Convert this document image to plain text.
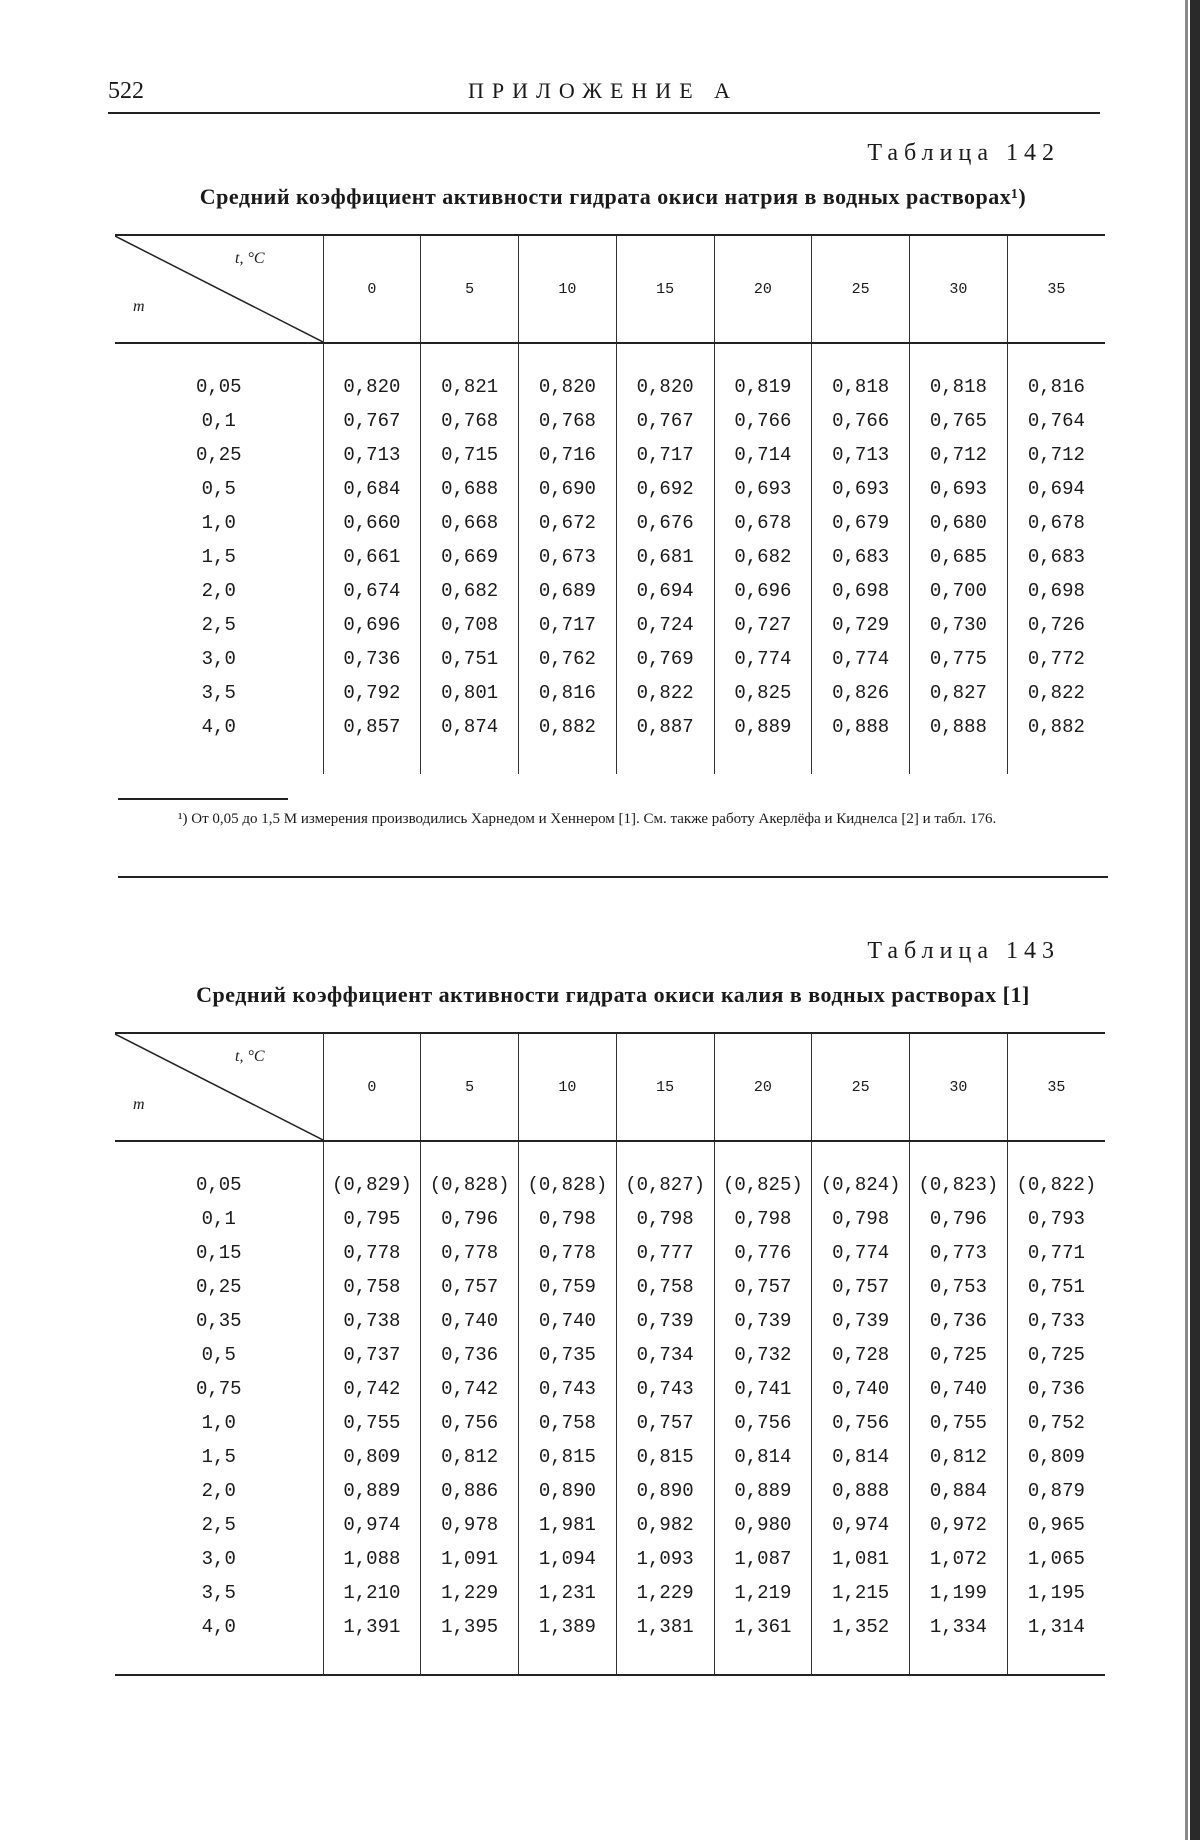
522	ПРИЛОЖЕНИЕ А
Таблица 142
Средний коэффициент активности гидрата окиси натрия в водных растворах¹)
t, °C
m	0	5	10	15	20	25	30	35

0,05	0,820	0,821	0,820	0,820	0,819	0,818	0,818	0,816
0,1	0,767	0,768	0,768	0,767	0,766	0,766	0,765	0,764
0,25	0,713	0,715	0,716	0,717	0,714	0,713	0,712	0,712
0,5	0,684	0,688	0,690	0,692	0,693	0,693	0,693	0,694
1,0	0,660	0,668	0,672	0,676	0,678	0,679	0,680	0,678
1,5	0,661	0,669	0,673	0,681	0,682	0,683	0,685	0,683
2,0	0,674	0,682	0,689	0,694	0,696	0,698	0,700	0,698
2,5	0,696	0,708	0,717	0,724	0,727	0,729	0,730	0,726
3,0	0,736	0,751	0,762	0,769	0,774	0,774	0,775	0,772
3,5	0,792	0,801	0,816	0,822	0,825	0,826	0,827	0,822
4,0	0,857	0,874	0,882	0,887	0,889	0,888	0,888	0,882

¹) От 0,05 до 1,5 М измерения производились Харнедом и Хеннером [1]. См. также работу Акерлёфа и Киднелса [2] и табл. 176.
Таблица 143
Средний коэффициент активности гидрата окиси калия в водных растворах [1]
t, °C
m	0	5	10	15	20	25	30	35

0,05	(0,829)	(0,828)	(0,828)	(0,827)	(0,825)	(0,824)	(0,823)	(0,822)
0,1	0,795	0,796	0,798	0,798	0,798	0,798	0,796	0,793
0,15	0,778	0,778	0,778	0,777	0,776	0,774	0,773	0,771
0,25	0,758	0,757	0,759	0,758	0,757	0,757	0,753	0,751
0,35	0,738	0,740	0,740	0,739	0,739	0,739	0,736	0,733
0,5	0,737	0,736	0,735	0,734	0,732	0,728	0,725	0,725
0,75	0,742	0,742	0,743	0,743	0,741	0,740	0,740	0,736
1,0	0,755	0,756	0,758	0,757	0,756	0,756	0,755	0,752
1,5	0,809	0,812	0,815	0,815	0,814	0,814	0,812	0,809
2,0	0,889	0,886	0,890	0,890	0,889	0,888	0,884	0,879
2,5	0,974	0,978	1,981	0,982	0,980	0,974	0,972	0,965
3,0	1,088	1,091	1,094	1,093	1,087	1,081	1,072	1,065
3,5	1,210	1,229	1,231	1,229	1,219	1,215	1,199	1,195
4,0	1,391	1,395	1,389	1,381	1,361	1,352	1,334	1,314
